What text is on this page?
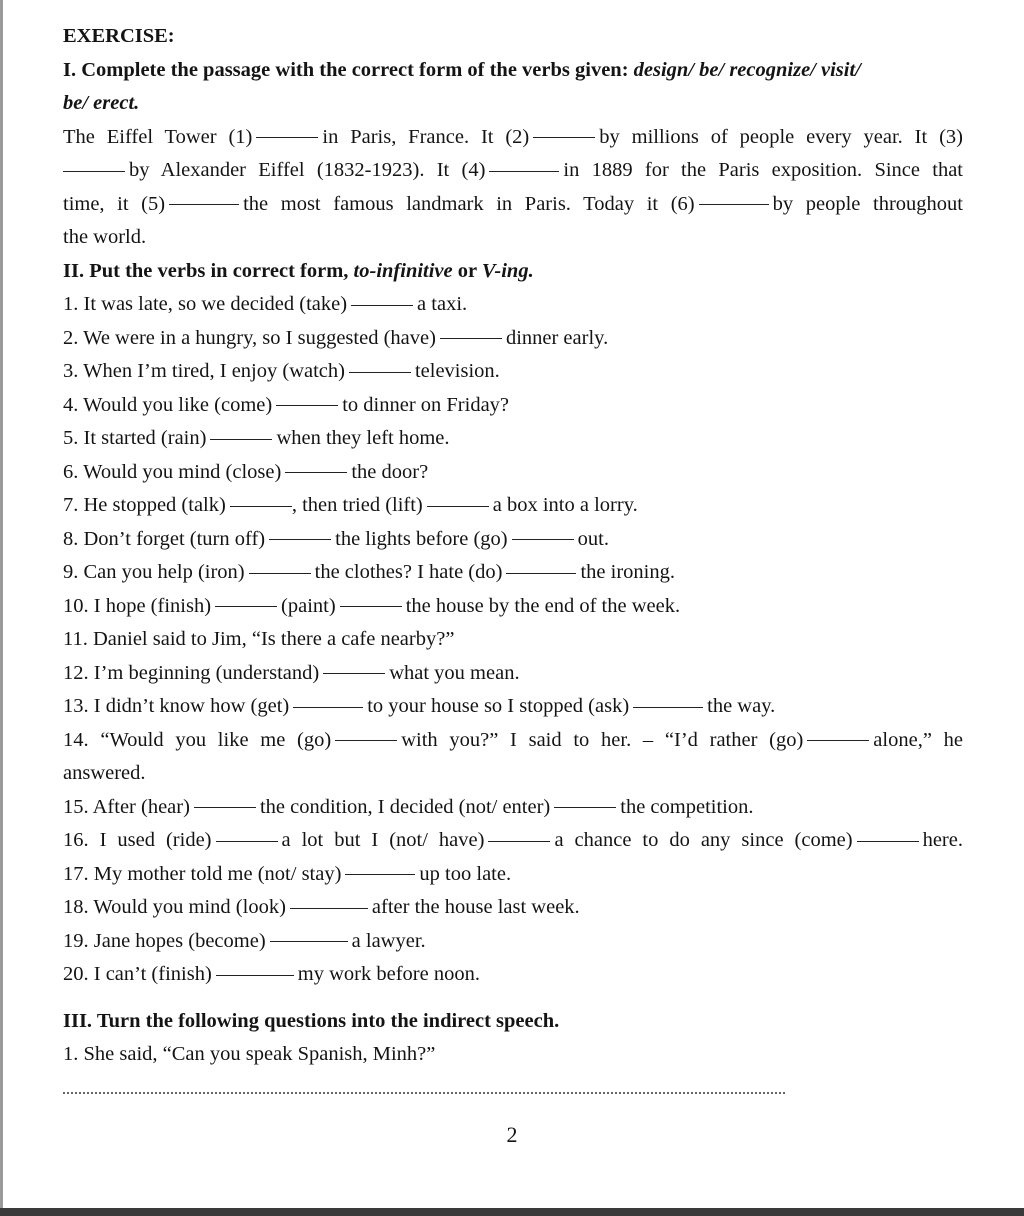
EXERCISE:

I. Complete the passage with the correct form of the verbs given: design/ be/ recognize/ visit/

be/ erect.

The Eiffel Tower (1)	in Paris, France. It (2)	by millions of people every year. It (3)

by Alexander Eiffel (1832-1923). It (4)	in 1889 for the Paris exposition. Since that

time, it (5)	the most famous landmark in Paris. Today it (6)	by people throughout

the world.

II. Put the verbs in correct form, to-infinitive or V-ing.

1. It was late, so we decided (take)	a taxi.

2. We were in a hungry, so I suggested (have)	dinner early.

3. When I’m tired, I enjoy (watch)	television.

4. Would you like (come)	to dinner on Friday?

5. It started (rain)	when they left home.

6. Would you mind (close)	the door?

7. He stopped (talk)	, then tried (lift)	a box into a lorry.

8. Don’t forget (turn off)	the lights before (go)	out.

9. Can you help (iron)	the clothes? I hate (do)	the ironing.

10. I hope (finish)	(paint)	the house by the end of the week.

11. Daniel said to Jim, “Is there a cafe nearby?”

12. I’m beginning (understand)	what you mean.

13. I didn’t know how (get)	to your house so I stopped (ask)	the way.

14. “Would you like me (go)	with you?” I said to her. – “I’d rather (go)	alone,” he

answered.

15. After (hear)	the condition, I decided (not/ enter)	the competition.

16. I used (ride)	a lot but I (not/ have)	a chance to do any since (come)	here.

17. My mother told me (not/ stay)	up too late.

18. Would you mind (look)	after the house last week.

19. Jane hopes (become)	a lawyer.

20. I can’t (finish)	my work before noon.

III. Turn the following questions into the indirect speech.

1. She said, “Can you speak Spanish, Minh?”

2
